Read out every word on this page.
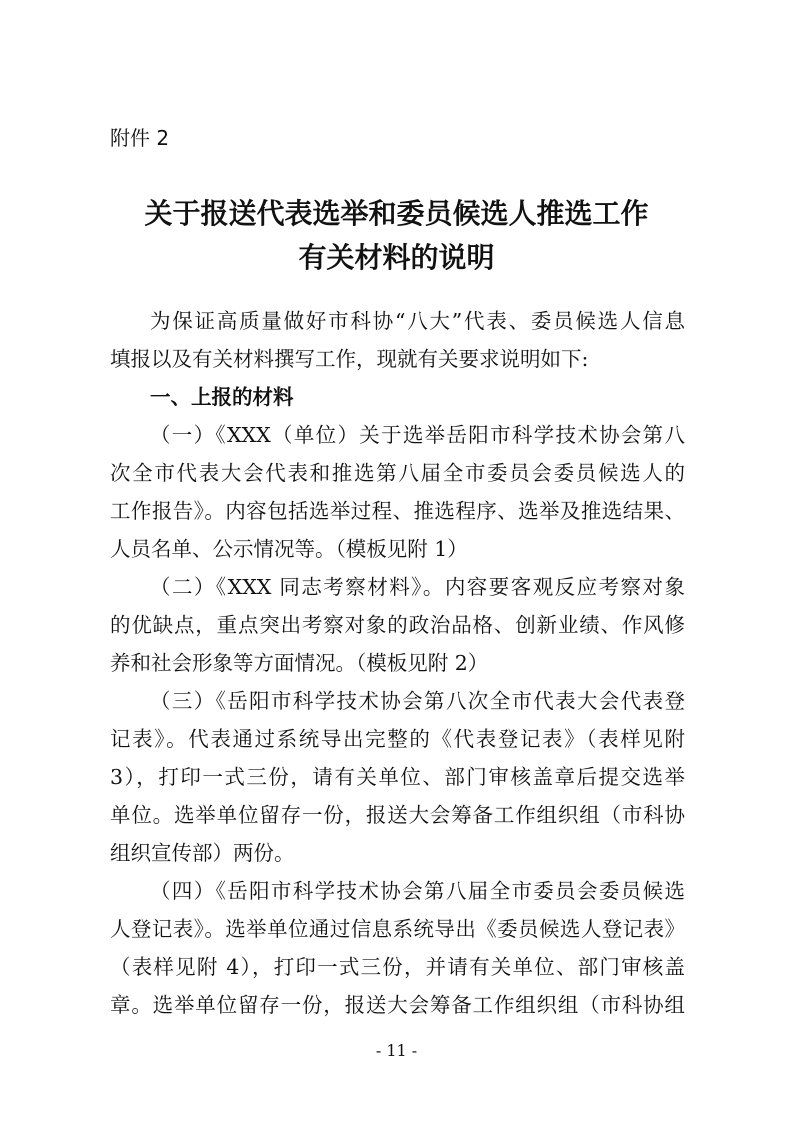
附件 2
关于报送代表选举和委员候选人推选工作
有关材料的说明
为保证高质量做好市科协“八大”代表、委员候选人信息
填报以及有关材料撰写工作，现就有关要求说明如下:
一、上报的材料
（一）《XXX（单位）关于选举岳阳市科学技术协会第八
次全市代表大会代表和推选第八届全市委员会委员候选人的
工作报告》。内容包括选举过程、推选程序、选举及推选结果、
人员名单、公示情况等。（模板见附 1）
（二）《XXX 同志考察材料》。内容要客观反应考察对象
的优缺点，重点突出考察对象的政治品格、创新业绩、作风修
养和社会形象等方面情况。（模板见附 2）
（三）《岳阳市科学技术协会第八次全市代表大会代表登
记表》。代表通过系统导出完整的《代表登记表》（表样见附
3），打印一式三份，请有关单位、部门审核盖章后提交选举
单位。选举单位留存一份，报送大会筹备工作组织组（市科协
组织宣传部）两份。
（四）《岳阳市科学技术协会第八届全市委员会委员候选
人登记表》。选举单位通过信息系统导出《委员候选人登记表》
（表样见附 4），打印一式三份，并请有关单位、部门审核盖
章。选举单位留存一份，报送大会筹备工作组织组（市科协组
- 11 -
